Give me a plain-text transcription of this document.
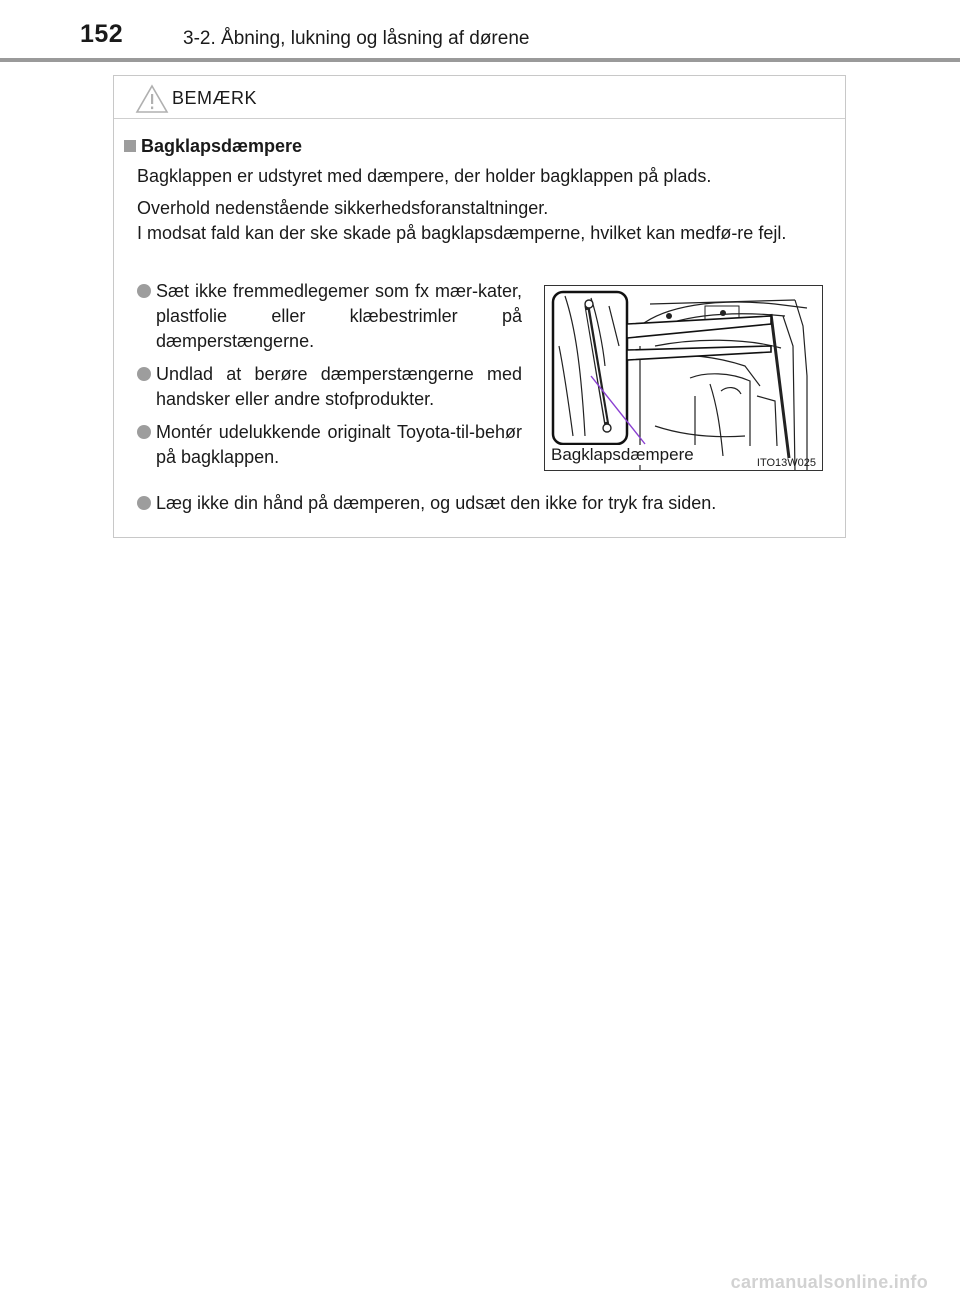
152	3-2. Åbning, lukning og låsning af dørene
BEMÆRK
Bagklapsdæmpere
Bagklappen er udstyret med dæmpere, der holder bagklappen på plads.
Overhold nedenstående sikkerhedsforanstaltninger.
I modsat fald kan der ske skade på bagklapsdæmperne, hvilket kan medfø-re fejl.
Sæt ikke fremmedlegemer som fx mær-kater, plastfolie eller klæbestrimler på dæmperstængerne.
Undlad at berøre dæmperstængerne med handsker eller andre stofprodukter.
Montér udelukkende originalt Toyota-til-behør på bagklappen.
Læg ikke din hånd på dæmperen, og udsæt den ikke for tryk fra siden.
Bagklapsdæmpere	ITO13W025
carmanualsonline.info
